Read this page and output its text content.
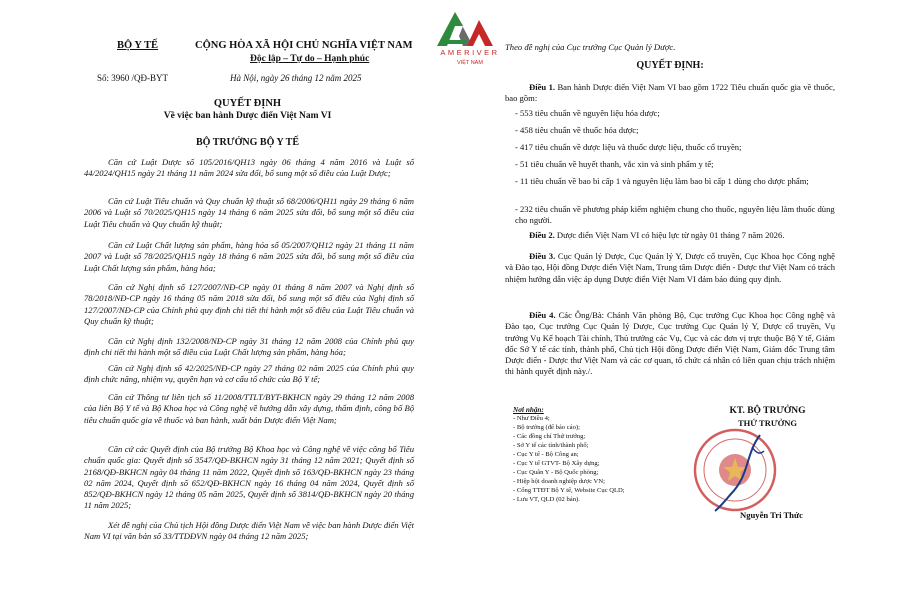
BỘ Y TẾ	CỘNG HÒA XÃ HỘI CHỦ NGHĨA VIỆT NAM
Độc lập – Tự do – Hạnh phúc
Số: 3960 /QĐ-BYT	Hà Nội, ngày 26 tháng 12 năm 2025
AMERIVER
VIỆT NAM
QUYẾT ĐỊNH
Về việc ban hành Dược điển Việt Nam VI
BỘ TRƯỞNG BỘ Y TẾ
Căn cứ Luật Dược số 105/2016/QH13 ngày 06 tháng 4 năm 2016 và Luật số 44/2024/QH15 ngày 21 tháng 11 năm 2024 sửa đổi, bổ sung một số điều của Luật Dược;
Căn cứ Luật Tiêu chuẩn và Quy chuẩn kỹ thuật số 68/2006/QH11 ngày 29 tháng 6 năm 2006 và Luật số 70/2025/QH15 ngày 14 tháng 6 năm 2025 sửa đổi, bổ sung một số điều của Luật Tiêu chuẩn và Quy chuẩn kỹ thuật;
Căn cứ Luật Chất lượng sản phẩm, hàng hóa số 05/2007/QH12 ngày 21 tháng 11 năm 2007 và Luật số 78/2025/QH15 ngày 18 tháng 6 năm 2025 sửa đổi, bổ sung một số điều của Luật Chất lượng sản phẩm, hàng hóa;
Căn cứ Nghị định số 127/2007/NĐ-CP ngày 01 tháng 8 năm 2007 và Nghị định số 78/2018/NĐ-CP ngày 16 tháng 05 năm 2018 sửa đổi, bổ sung một số điều của Nghị định số 127/2007/NĐ-CP của Chính phủ quy định chi tiết thi hành một số điều của Luật Tiêu chuẩn và Quy chuẩn kỹ thuật;
Căn cứ Nghị định 132/2008/NĐ-CP ngày 31 tháng 12 năm 2008 của Chính phủ quy định chi tiết thi hành một số điều của Luật Chất lượng sản phẩm, hàng hóa;
Căn cứ Nghị định số 42/2025/NĐ-CP ngày 27 tháng 02 năm 2025 của Chính phủ quy định chức năng, nhiệm vụ, quyền hạn và cơ cấu tổ chức của Bộ Y tế;
Căn cứ Thông tư liên tịch số 11/2008/TTLT/BYT-BKHCN ngày 29 tháng 12 năm 2008 của liên Bộ Y tế và Bộ Khoa học và Công nghệ về hướng dẫn xây dựng, thẩm định, công bố Bộ tiêu chuẩn quốc gia về thuốc và ban hành, xuất bản Dược điển Việt Nam;
Căn cứ các Quyết định của Bộ trưởng Bộ Khoa học và Công nghệ về việc công bố Tiêu chuẩn quốc gia: Quyết định số 3547/QĐ-BKHCN ngày 31 tháng 12 năm 2021; Quyết định số 2168/QĐ-BKHCN ngày 04 tháng 11 năm 2022, Quyết định số 163/QĐ-BKHCN ngày 23 tháng 02 năm 2024, Quyết định số 652/QĐ-BKHCN ngày 16 tháng 04 năm 2024, Quyết định số 852/QĐ-BKHCN ngày 12 tháng 05 năm 2025, Quyết định số 3814/QĐ-BKHCN ngày 20 tháng 11 năm 2025;
Xét đề nghị của Chủ tịch Hội đồng Dược điển Việt Nam về việc ban hành Dược điển Việt Nam VI tại văn bản số 33/TTDĐVN ngày 04 tháng 12 năm 2025;
Theo đề nghị của Cục trưởng Cục Quản lý Dược.
QUYẾT ĐỊNH:
Điều 1. Ban hành Dược điển Việt Nam VI bao gồm 1722 Tiêu chuẩn quốc gia về thuốc, bao gồm:
- 553 tiêu chuẩn về nguyên liệu hóa dược;
- 458 tiêu chuẩn về thuốc hóa dược;
- 417 tiêu chuẩn về dược liệu và thuốc dược liệu, thuốc cổ truyền;
- 51 tiêu chuẩn về huyết thanh, vắc xin và sinh phẩm y tế;
- 11 tiêu chuẩn về bao bì cấp 1 và nguyên liệu làm bao bì cấp 1 dùng cho dược phẩm;
- 232 tiêu chuẩn về phương pháp kiểm nghiệm chung cho thuốc, nguyên liệu làm thuốc dùng cho người.
Điều 2. Dược điển Việt Nam VI có hiệu lực từ ngày 01 tháng 7 năm 2026.
Điều 3. Cục Quản lý Dược, Cục Quản lý Y, Dược cổ truyền, Cục Khoa học Công nghệ và Đào tạo, Hội đồng Dược điển Việt Nam, Trung tâm Dược điển - Dược thư Việt Nam có trách nhiệm hướng dẫn việc áp dụng Dược điển Việt Nam VI đảm bảo đúng quy định.
Điều 4. Các Ông/Bà: Chánh Văn phòng Bộ, Cục trưởng Cục Khoa học Công nghệ và Đào tạo, Cục trưởng Cục Quản lý Dược, Cục trưởng Cục Quản lý Y, Dược cổ truyền, Vụ trưởng Vụ Kế hoạch Tài chính, Thủ trưởng các Vụ, Cục và các đơn vị trực thuộc Bộ Y tế, Giám đốc Sở Y tế các tỉnh, thành phố, Chủ tịch Hội đồng Dược điển Việt Nam, Giám đốc Trung tâm Dược điển - Dược thư Việt Nam và các cơ quan, tổ chức cá nhân có liên quan chịu trách nhiệm thi hành quyết định này./.
Nơi nhận:
- Như Điều 4;
- Bộ trưởng (để báo cáo);
- Các đồng chí Thứ trưởng;
- Sở Y tế các tỉnh/thành phố;
- Cục Y tế - Bộ Công an;
- Cục Y tế GTVT- Bộ Xây dựng;
- Cục Quân Y - Bộ Quốc phòng;
- Hiệp hội doanh nghiệp dược VN;
- Cổng TTĐT Bộ Y tế, Website Cục QLD;
- Lưu VT, QLD (02 bản).
KT. BỘ TRƯỞNG
THỨ TRƯỞNG
Nguyễn Tri Thức
